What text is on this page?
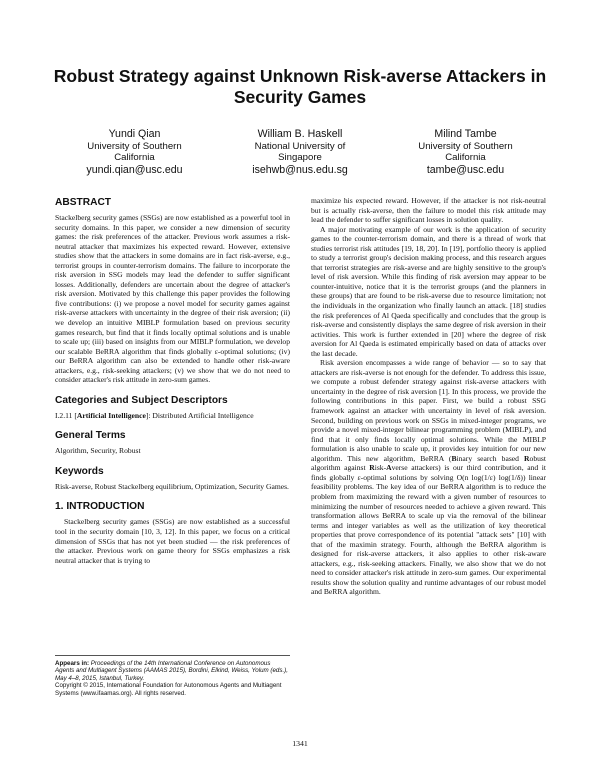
Robust Strategy against Unknown Risk-averse Attackers in Security Games
Yundi Qian
University of Southern
California
yundi.qian@usc.edu
William B. Haskell
National University of
Singapore
isehwb@nus.edu.sg
Milind Tambe
University of Southern
California
tambe@usc.edu
ABSTRACT

Stackelberg security games (SSGs) are now established as a powerful tool in security domains. In this paper, we consider a new dimension of security games: the risk preferences of the attacker. Previous work assumes a risk-neutral attacker that maximizes his expected reward. However, extensive studies show that the attackers in some domains are in fact risk-averse, e.g., terrorist groups in counter-terrorism domains. The failure to incorporate the risk aversion in SSG models may lead the defender to suffer significant losses. Additionally, defenders are uncertain about the degree of attacker's risk aversion. Motivated by this challenge this paper provides the following five contributions: (i) we propose a novel model for security games against risk-averse attackers with uncertainty in the degree of their risk aversion; (ii) we develop an intuitive MIBLP formulation based on previous security games research, but find that it finds locally optimal solutions and is unable to scale up; (iii) based on insights from our MIBLP formulation, we develop our scalable BeRRA algorithm that finds globally ε-optimal solutions; (iv) our BeRRA algorithm can also be extended to handle other risk-aware attackers, e.g., risk-seeking attackers; (v) we show that we do not need to consider attacker's risk attitude in zero-sum games.

Categories and Subject Descriptors

I.2.11 [Artificial Intelligence]: Distributed Artificial Intelligence

General Terms

Algorithm, Security, Robust

Keywords

Risk-averse, Robust Stackelberg equilibrium, Optimization, Security Games.

1. INTRODUCTION

Stackelberg security games (SSGs) are now established as a successful tool in the security domain [10, 3, 12]. In this paper, we focus on a critical dimension of SSGs that has not yet been studied — the risk preferences of the attacker. Previous work on game theory for SSGs emphasizes a risk neutral attacker that is trying to

Appears in: Proceedings of the 14th International Conference on Autonomous Agents and Multiagent Systems (AAMAS 2015), Bordini, Elkind, Weiss, Yolum (eds.), May 4–8, 2015, Istanbul, Turkey.
Copyright © 2015, International Foundation for Autonomous Agents and Multiagent Systems (www.ifaamas.org). All rights reserved.

maximize his expected reward. However, if the attacker is not risk-neutral but is actually risk-averse, then the failure to model this risk attitude may lead the defender to suffer significant losses in solution quality.

A major motivating example of our work is the application of security games to the counter-terrorism domain, and there is a thread of work that studies terrorist risk attitudes [19, 18, 20]. In [19], portfolio theory is applied to study a terrorist group's decision making process, and this research argues that terrorist strategies are risk-averse and are highly sensitive to the group's level of risk aversion. While this finding of risk aversion may appear to be counter-intuitive, notice that it is the terrorist groups (and the planners in these groups) that are found to be risk-averse due to resource limitation; not the individuals in the organization who finally launch an attack. [18] studies the risk preferences of Al Qaeda specifically and concludes that the group is risk-averse and consistently displays the same degree of risk aversion in their activities. This work is further extended in [20] where the degree of risk aversion for Al Qaeda is estimated empirically based on data of attacks over the last decade.

Risk aversion encompasses a wide range of behavior — so to say that attackers are risk-averse is not enough for the defender. To address this issue, we compute a robust defender strategy against risk-averse attackers with uncertainty in the degree of risk aversion [1]. In this process, we provide the following contributions in this paper. First, we build a robust SSG framework against an attacker with uncertainty in level of risk aversion. Second, building on previous work on SSGs in mixed-integer programs, we provide a novel mixed-integer bilinear programming problem (MIBLP), and find that it only finds locally optimal solutions. While the MIBLP formulation is also unable to scale up, it provides key intuition for our new algorithm. This new algorithm, BeRRA (Binary search based Robust algorithm against Risk-Averse attackers) is our third contribution, and it finds globally ε-optimal solutions by solving O(n log(1/ε) log(1/δ)) linear feasibility problems. The key idea of our BeRRA algorithm is to reduce the problem from maximizing the reward with a given number of resources to minimizing the number of resources needed to achieve a given reward. This transformation allows BeRRA to scale up via the removal of the bilinear terms and integer variables as well as the utilization of key theoretical properties that prove correspondence of its potential "attack sets" [10] with that of the maximin strategy. Fourth, although the BeRRA algorithm is designed for risk-averse attackers, it also applies to other risk-aware attackers, e.g., risk-seeking attackers. Finally, we also show that we do not need to consider attacker's risk attitude in zero-sum games. Our experimental results show the solution quality and runtime advantages of our robust model and BeRRA algorithm.

1341
